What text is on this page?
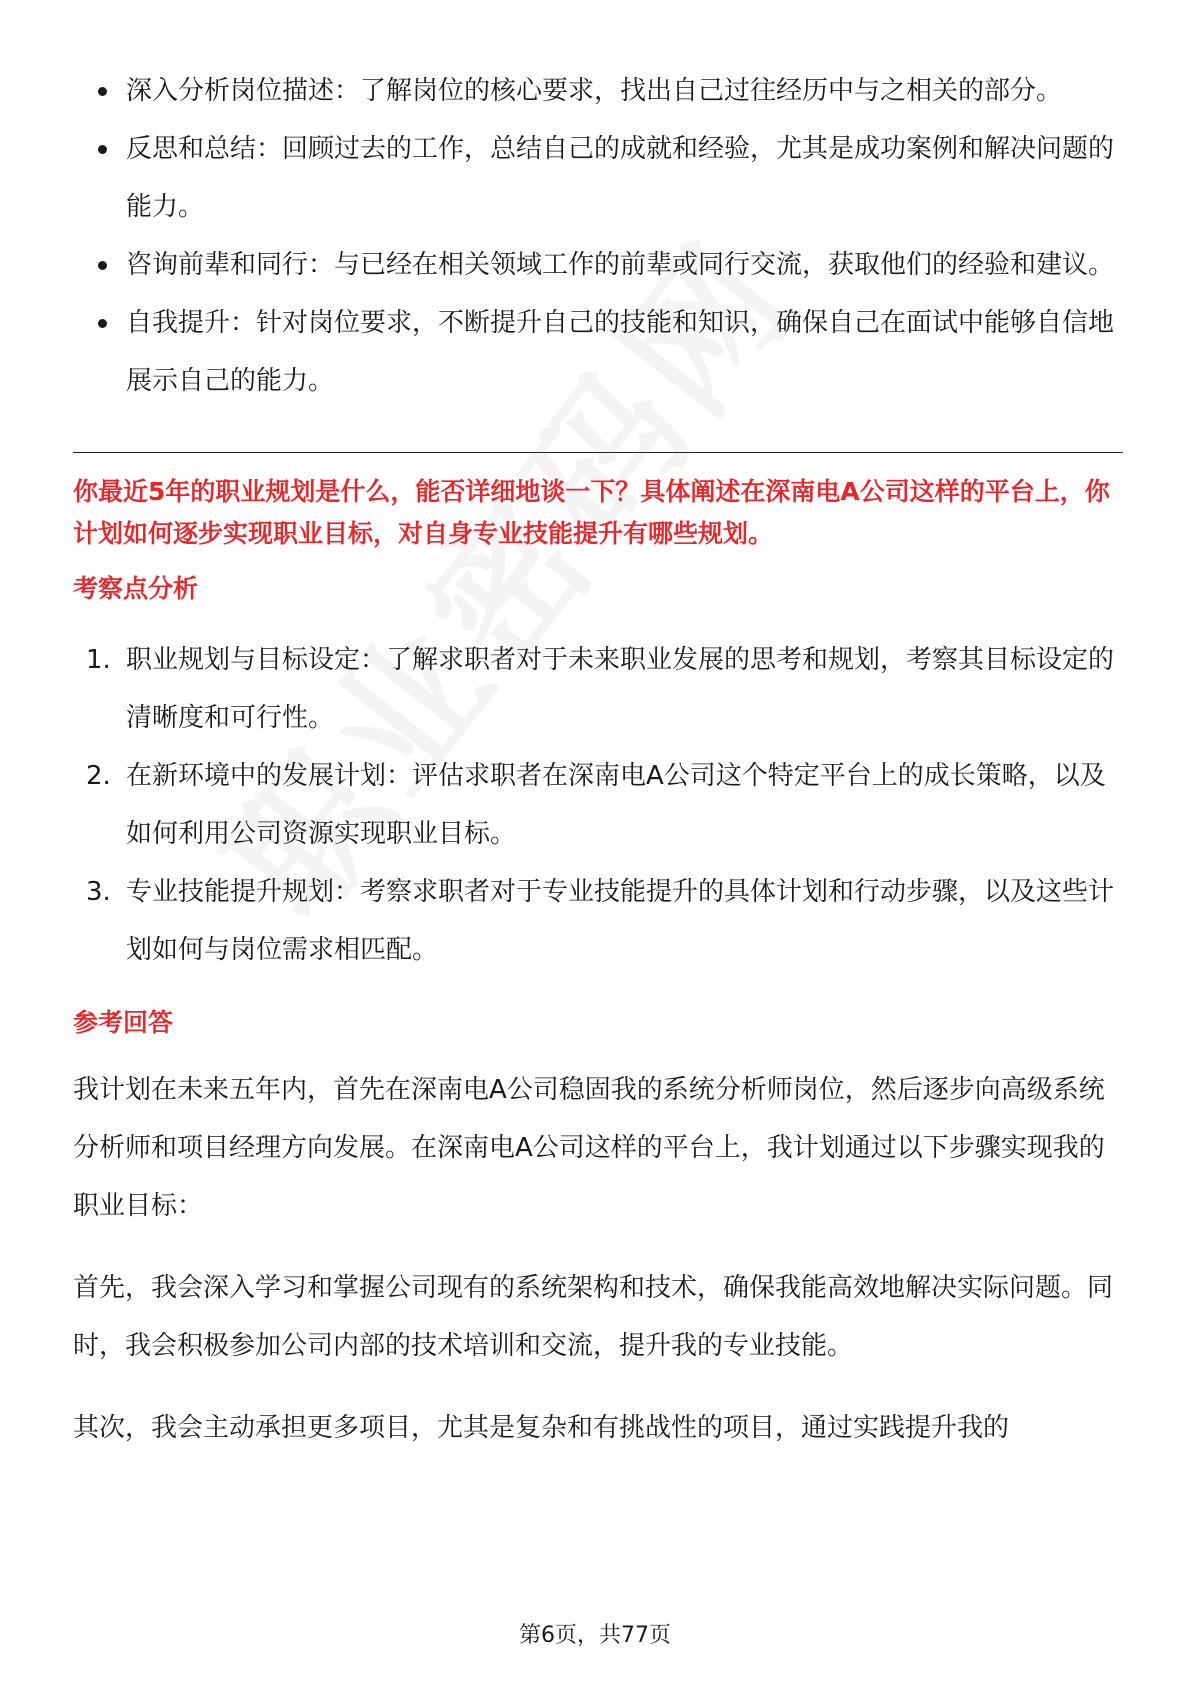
深入分析岗位描述：了解岗位的核心要求，找出自己过往经历中与之相关的部分。
反思和总结：回顾过去的工作，总结自己的成就和经验，尤其是成功案例和解决问题的能力。
咨询前辈和同行：与已经在相关领域工作的前辈或同行交流，获取他们的经验和建议。
自我提升：针对岗位要求，不断提升自己的技能和知识，确保自己在面试中能够自信地展示自己的能力。

你最近5年的职业规划是什么，能否详细地谈一下？具体阐述在深南电A公司这样的平台上，你计划如何逐步实现职业目标，对自身专业技能提升有哪些规划。

考察点分析
1. 职业规划与目标设定：了解求职者对于未来职业发展的思考和规划，考察其目标设定的清晰度和可行性。
2. 在新环境中的发展计划：评估求职者在深南电A公司这个特定平台上的成长策略，以及如何利用公司资源实现职业目标。
3. 专业技能提升规划：考察求职者对于专业技能提升的具体计划和行动步骤，以及这些计划如何与岗位需求相匹配。
参考回答

我计划在未来五年内，首先在深南电A公司稳固我的系统分析师岗位，然后逐步向高级系统分析师和项目经理方向发展。在深南电A公司这样的平台上，我计划通过以下步骤实现我的职业目标：

首先，我会深入学习和掌握公司现有的系统架构和技术，确保我能高效地解决实际问题。同时，我会积极参加公司内部的技术培训和交流，提升我的专业技能。

其次，我会主动承担更多项目，尤其是复杂和有挑战性的项目，通过实践提升我的

第6页，共77页
